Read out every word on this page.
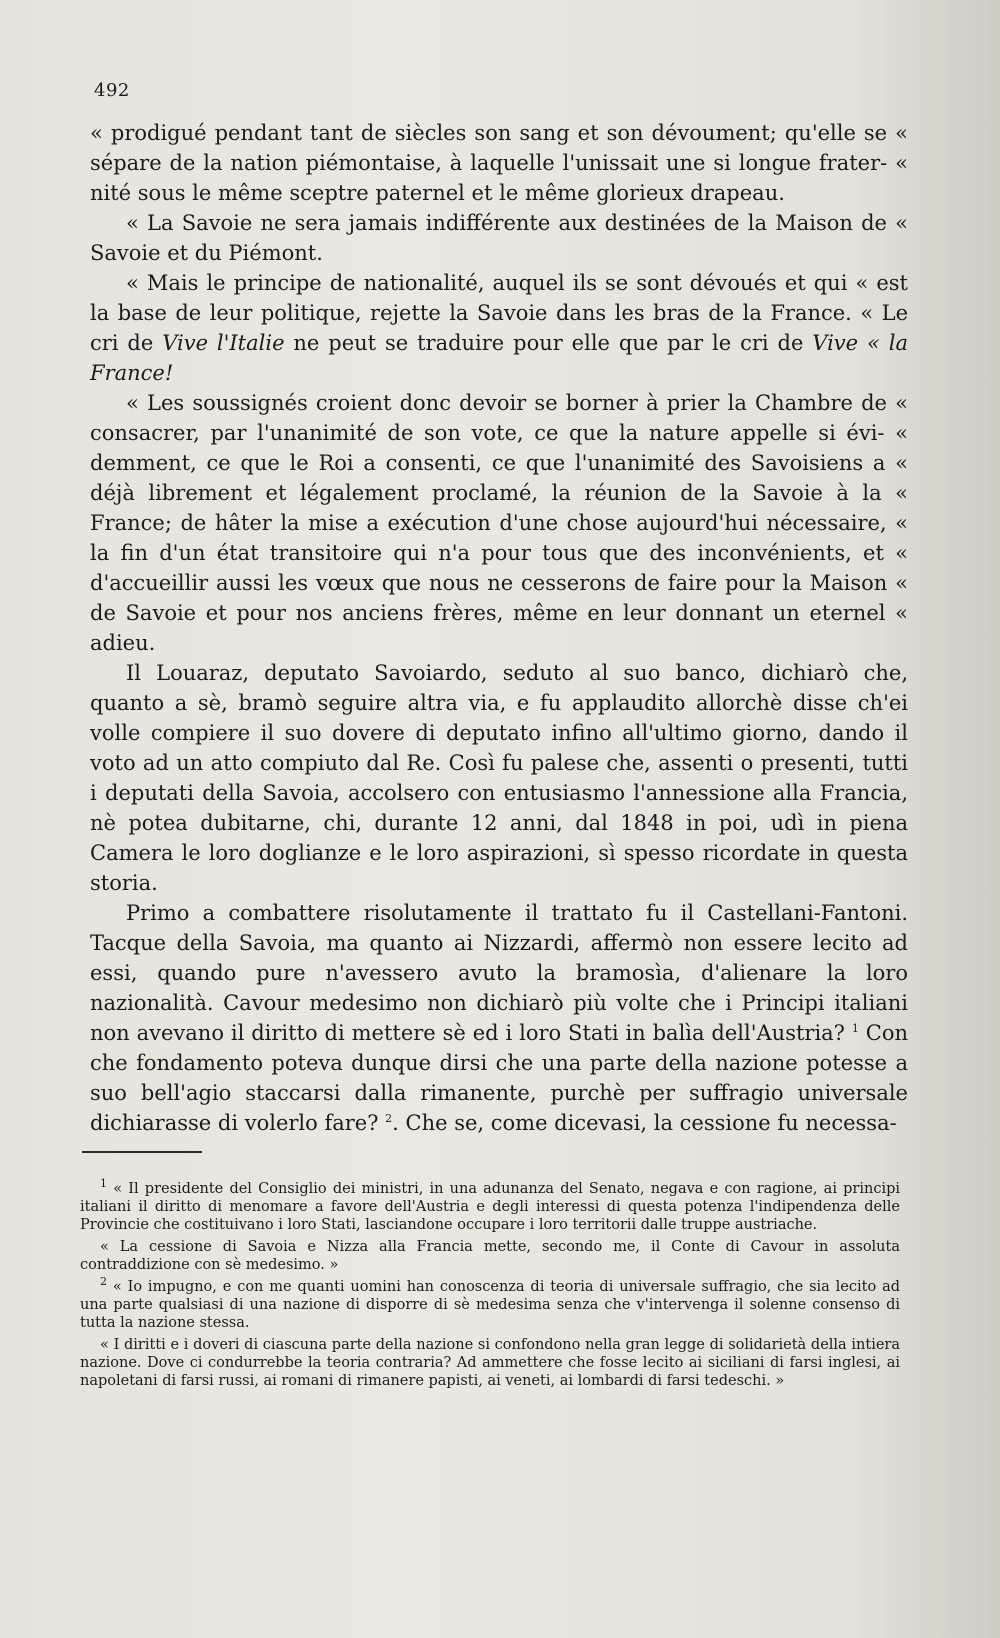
492

« prodigué pendant tant de siècles son sang et son dévoument; qu'elle se « sépare de la nation piémontaise, à laquelle l'unissait une si longue frater- « nité sous le même sceptre paternel et le même glorieux drapeau.

« La Savoie ne sera jamais indifférente aux destinées de la Maison de « Savoie et du Piémont.

« Mais le principe de nationalité, auquel ils se sont dévoués et qui « est la base de leur politique, rejette la Savoie dans les bras de la France. « Le cri de Vive l'Italie ne peut se traduire pour elle que par le cri de Vive « la France!

« Les soussignés croient donc devoir se borner à prier la Chambre de « consacrer, par l'unanimité de son vote, ce que la nature appelle si évi- « demment, ce que le Roi a consenti, ce que l'unanimité des Savoisiens a « déjà librement et légalement proclamé, la réunion de la Savoie à la « France; de hâter la mise a exécution d'une chose aujourd'hui nécessaire, « la fin d'un état transitoire qui n'a pour tous que des inconvénients, et « d'accueillir aussi les vœux que nous ne cesserons de faire pour la Maison « de Savoie et pour nos anciens frères, même en leur donnant un eternel « adieu.

Il Louaraz, deputato Savoiardo, seduto al suo banco, dichiarò che, quanto a sè, bramò seguire altra via, e fu applaudito allorchè disse ch'ei volle compiere il suo dovere di deputato infino all'ultimo giorno, dando il voto ad un atto compiuto dal Re. Così fu palese che, assenti o presenti, tutti i deputati della Savoia, accolsero con entusiasmo l'annessione alla Francia, nè potea dubitarne, chi, durante 12 anni, dal 1848 in poi, udì in piena Camera le loro doglianze e le loro aspirazioni, sì spesso ricordate in questa storia.

Primo a combattere risolutamente il trattato fu il Castellani-Fantoni. Tacque della Savoia, ma quanto ai Nizzardi, affermò non essere lecito ad essi, quando pure n'avessero avuto la bramosìa, d'alienare la loro nazionalità. Cavour medesimo non dichiarò più volte che i Principi italiani non avevano il diritto di mettere sè ed i loro Stati in balìa dell'Austria? $^1$ Con che fondamento poteva dunque dirsi che una parte della nazione potesse a suo bell'agio staccarsi dalla rimanente, purchè per suffragio universale dichiarasse di volerlo fare? $^2$. Che se, come dicevasi, la cessione fu necessa-

$^1$ « Il presidente del Consiglio dei ministri, in una adunanza del Senato, negava e con ragione, ai principi italiani il diritto di menomare a favore dell'Austria e degli interessi di questa potenza l'indipendenza delle Provincie che costituivano i loro Stati, lasciandone occupare i loro territorii dalle truppe austriache.

« La cessione di Savoia e Nizza alla Francia mette, secondo me, il Conte di Cavour in assoluta contraddizione con sè medesimo. »

$^2$ « Io impugno, e con me quanti uomini han conoscenza di teoria di universale suffragio, che sia lecito ad una parte qualsiasi di una nazione di disporre di sè medesima senza che v'intervenga il solenne consenso di tutta la nazione stessa.

« I diritti e i doveri di ciascuna parte della nazione si confondono nella gran legge di solidarietà della intiera nazione. Dove ci condurrebbe la teoria contraria? Ad ammettere che fosse lecito ai siciliani di farsi inglesi, ai napoletani di farsi russi, ai romani di rimanere papisti, ai veneti, ai lombardi di farsi tedeschi. »
